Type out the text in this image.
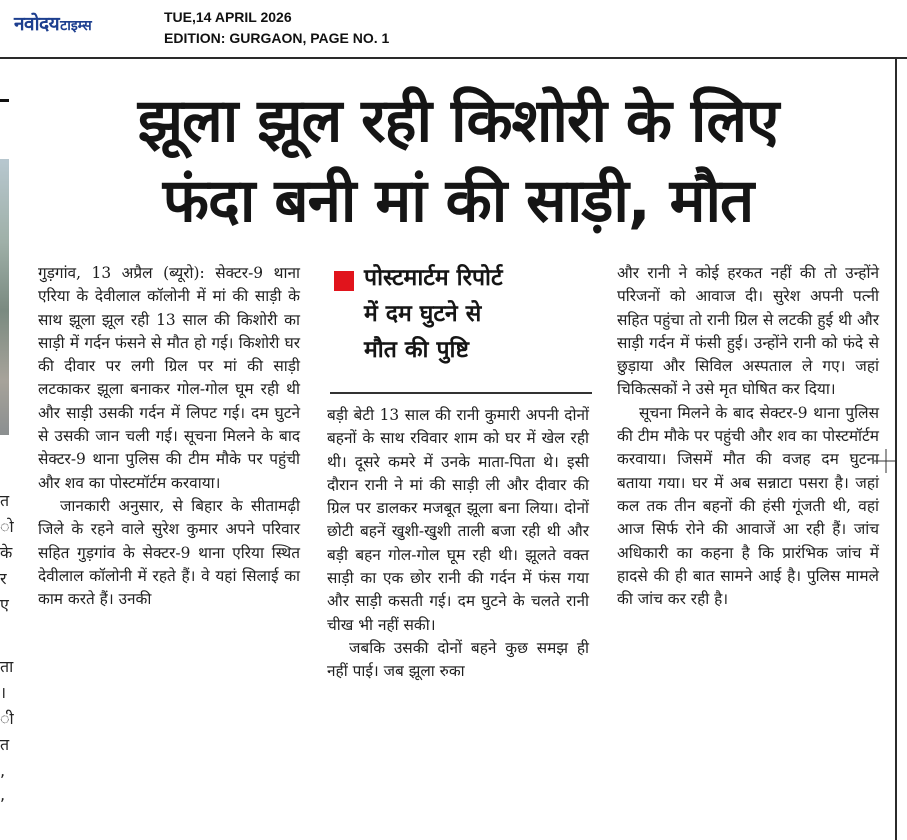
नवोदय टाइम्स
TUE,14 APRIL 2026
EDITION: GURGAON, PAGE NO. 1
त
ो
के
र
ए
ता
।
ी
त
,
,
झूला झूल रही किशोरी के लिए
फंदा बनी मां की साड़ी, मौत

गुड़गांव, 13 अप्रैल (ब्यूरो): सेक्टर-9 थाना एरिया के देवीलाल कॉलोनी में मां की साड़ी के साथ झूला झूल रही 13 साल की किशोरी का साड़ी में गर्दन फंसने से मौत हो गई। किशोरी घर की दीवार पर लगी ग्रिल पर मां की साड़ी लटकाकर झूला बनाकर गोल-गोल घूम रही थी और साड़ी उसकी गर्दन में लिपट गई। दम घुटने से उसकी जान चली गई। सूचना मिलने के बाद सेक्टर-9 थाना पुलिस की टीम मौके पर पहुंची और शव का पोस्टमॉर्टम करवाया।

जानकारी अनुसार, से बिहार के सीतामढ़ी जिले के रहने वाले सुरेश कुमार अपने परिवार सहित गुड़गांव के सेक्टर-9 थाना एरिया स्थित देवीलाल कॉलोनी में रहते हैं। वे यहां सिलाई का काम करते हैं। उनकी

पोस्टमार्टम रिपोर्ट
में दम घुटने से
मौत की पुष्टि

बड़ी बेटी 13 साल की रानी कुमारी अपनी दोनों बहनों के साथ रविवार शाम को घर में खेल रही थी। दूसरे कमरे में उनके माता-पिता थे। इसी दौरान रानी ने मां की साड़ी ली और दीवार की ग्रिल पर डालकर मजबूत झूला बना लिया। दोनों छोटी बहनें खुशी-खुशी ताली बजा रही थी और बड़ी बहन गोल-गोल घूम रही थी। झूलते वक्त साड़ी का एक छोर रानी की गर्दन में फंस गया और साड़ी कसती गई। दम घुटने के चलते रानी चीख भी नहीं सकी।

जबकि उसकी दोनों बहने कुछ समझ ही नहीं पाई। जब झूला रुका

और रानी ने कोई हरकत नहीं की तो उन्होंने परिजनों को आवाज दी। सुरेश अपनी पत्नी सहित पहुंचा तो रानी ग्रिल से लटकी हुई थी और साड़ी गर्दन में फंसी हुई। उन्होंने रानी को फंदे से छुड़ाया और सिविल अस्पताल ले गए। जहां चिकित्सकों ने उसे मृत घोषित कर दिया।

सूचना मिलने के बाद सेक्टर-9 थाना पुलिस की टीम मौके पर पहुंची और शव का पोस्टमॉर्टम करवाया। जिसमें मौत की वजह दम घुटना बताया गया। घर में अब सन्नाटा पसरा है। जहां कल तक तीन बहनों की हंसी गूंजती थी, वहां आज सिर्फ रोने की आवाजें आ रही हैं। जांच अधिकारी का कहना है कि प्रारंभिक जांच में हादसे की ही बात सामने आई है। पुलिस मामले की जांच कर रही है।
